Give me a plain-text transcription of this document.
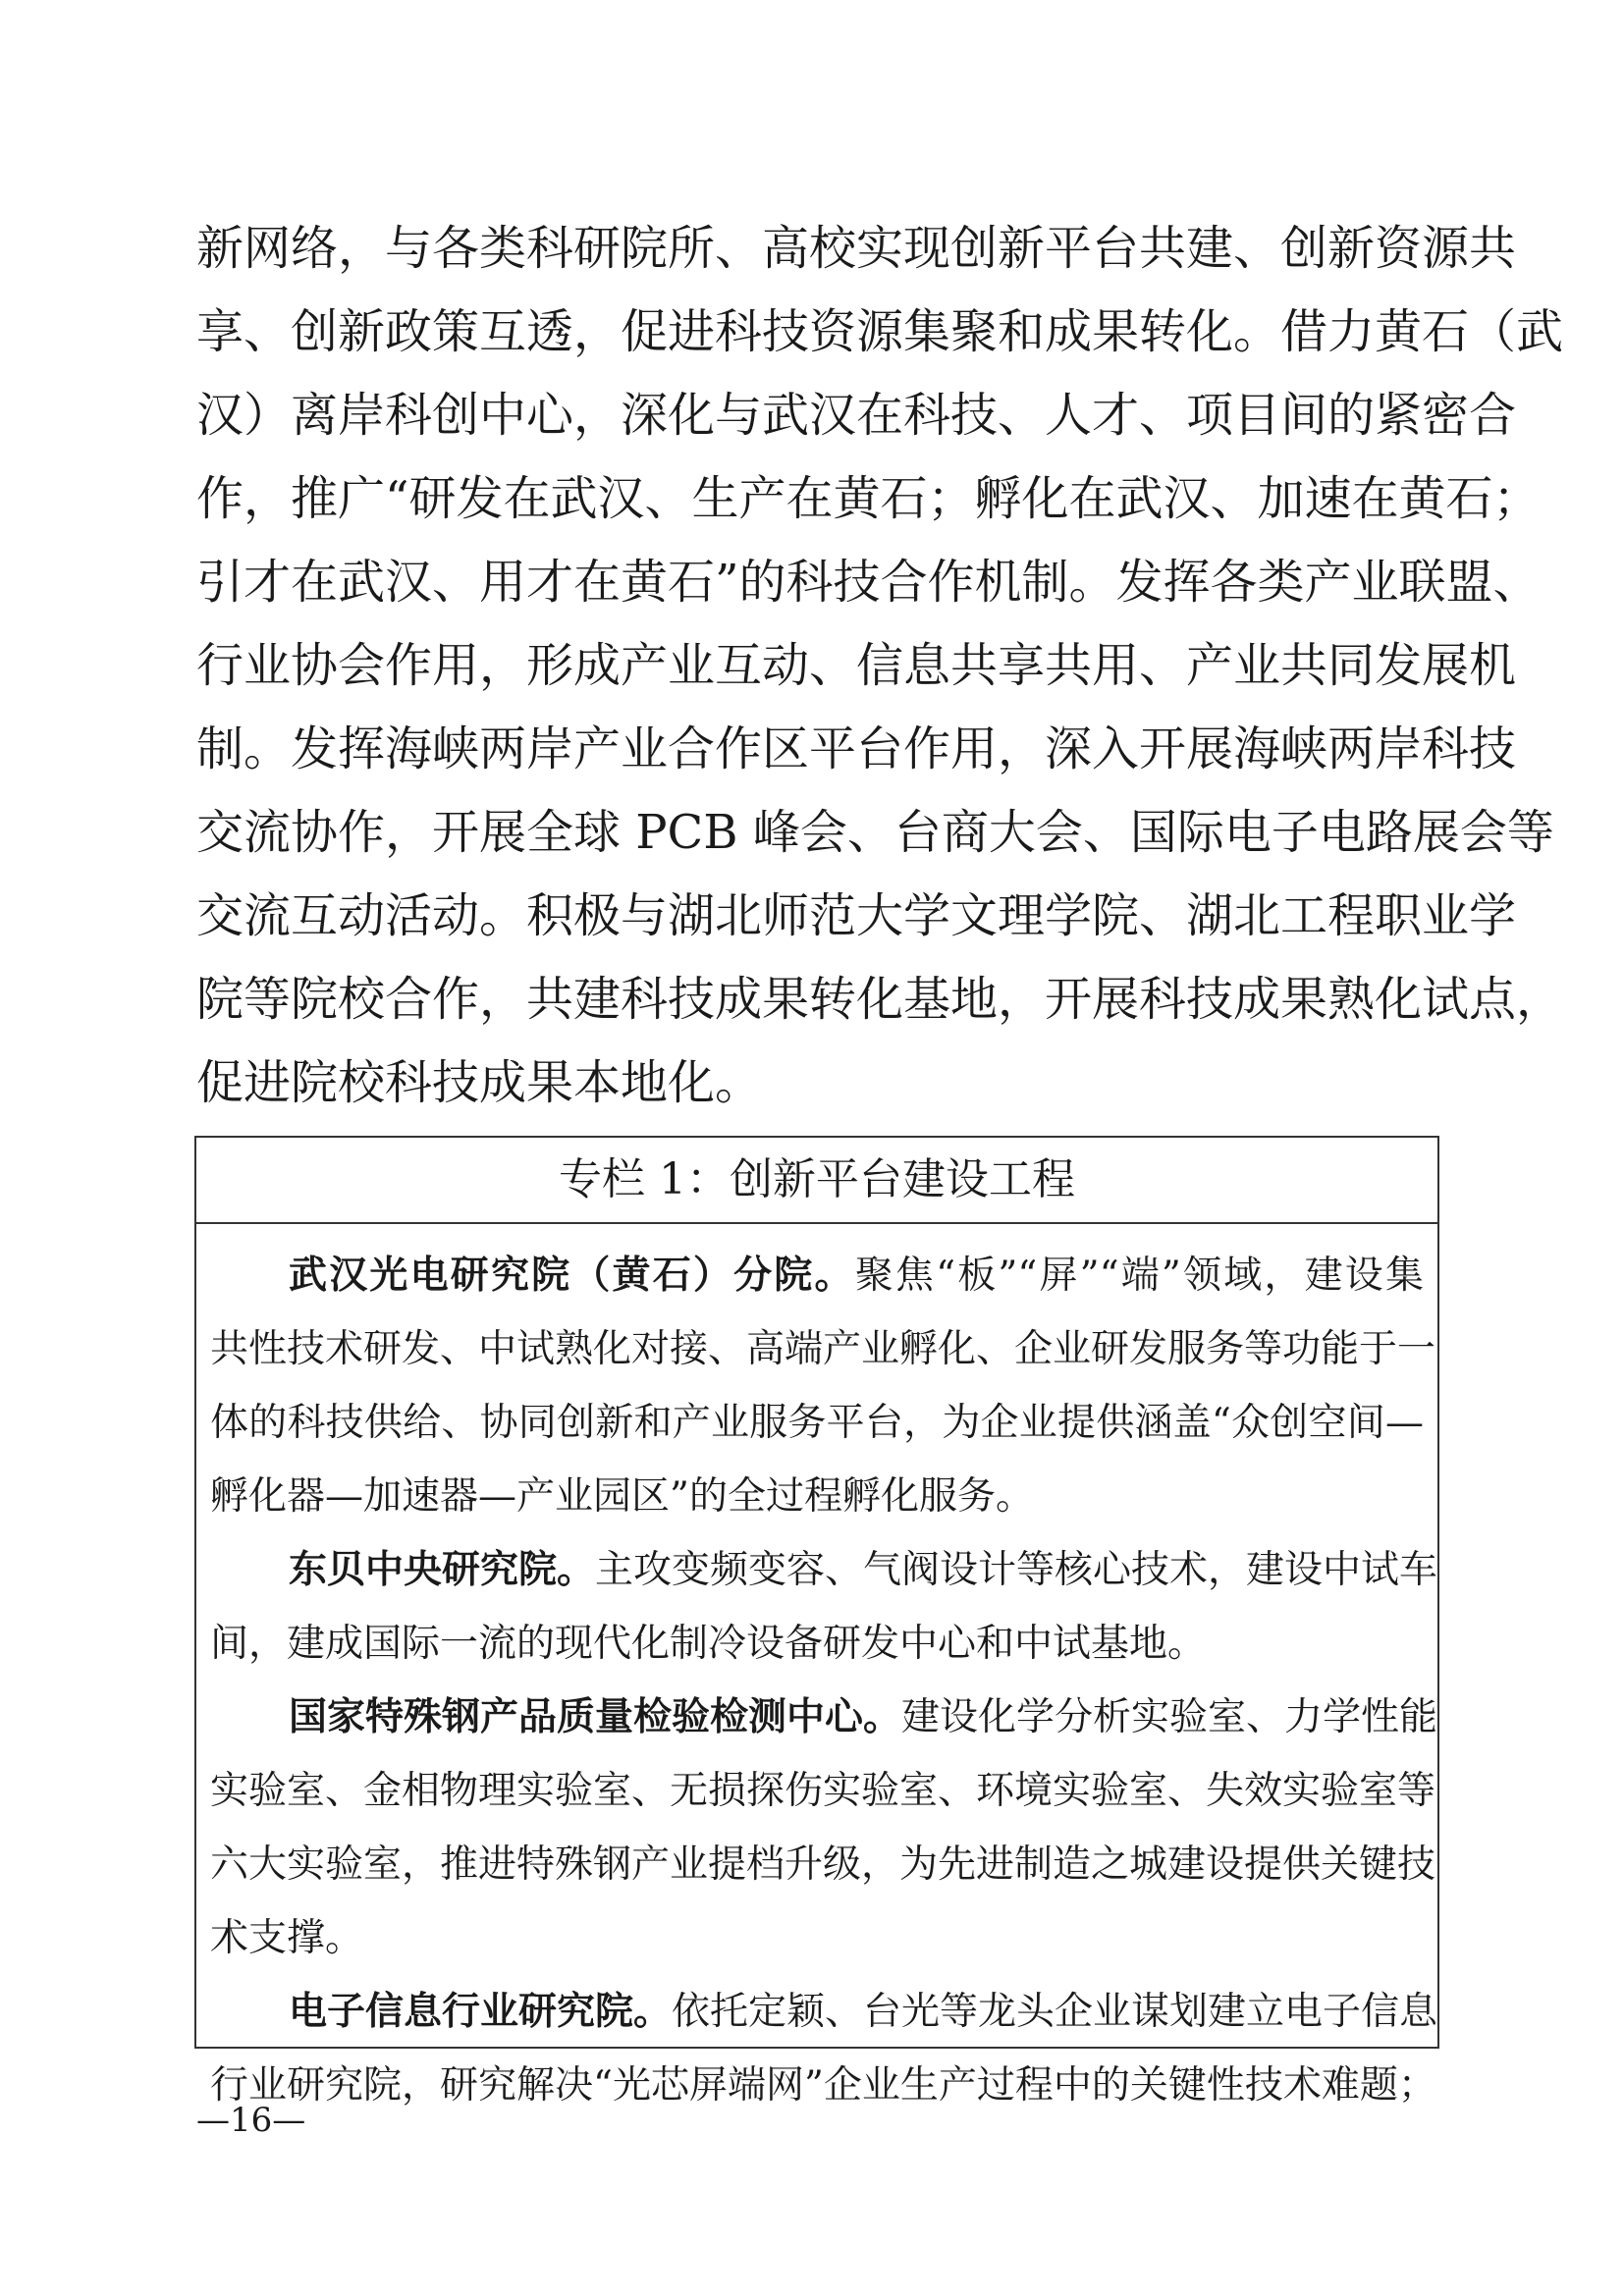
新网络，与各类科研院所、高校实现创新平台共建、创新资源共
享、创新政策互透，促进科技资源集聚和成果转化。借力黄石（武
汉）离岸科创中心，深化与武汉在科技、人才、项目间的紧密合
作，推广“研发在武汉、生产在黄石；孵化在武汉、加速在黄石；
引才在武汉、用才在黄石”的科技合作机制。发挥各类产业联盟、
行业协会作用，形成产业互动、信息共享共用、产业共同发展机
制。发挥海峡两岸产业合作区平台作用，深入开展海峡两岸科技
交流协作，开展全球 PCB 峰会、台商大会、国际电子电路展会等
交流互动活动。积极与湖北师范大学文理学院、湖北工程职业学
院等院校合作，共建科技成果转化基地，开展科技成果熟化试点，
促进院校科技成果本地化。
专栏 1：创新平台建设工程
武汉光电研究院（黄石）分院。聚焦“板”“屏”“端”领域，建设集
共性技术研发、中试熟化对接、高端产业孵化、企业研发服务等功能于一
体的科技供给、协同创新和产业服务平台，为企业提供涵盖“众创空间—
孵化器—加速器—产业园区”的全过程孵化服务。
东贝中央研究院。主攻变频变容、气阀设计等核心技术，建设中试车
间，建成国际一流的现代化制冷设备研发中心和中试基地。
国家特殊钢产品质量检验检测中心。建设化学分析实验室、力学性能
实验室、金相物理实验室、无损探伤实验室、环境实验室、失效实验室等
六大实验室，推进特殊钢产业提档升级，为先进制造之城建设提供关键技
术支撑。
电子信息行业研究院。依托定颖、台光等龙头企业谋划建立电子信息
行业研究院，研究解决“光芯屏端网”企业生产过程中的关键性技术难题；
—16—
